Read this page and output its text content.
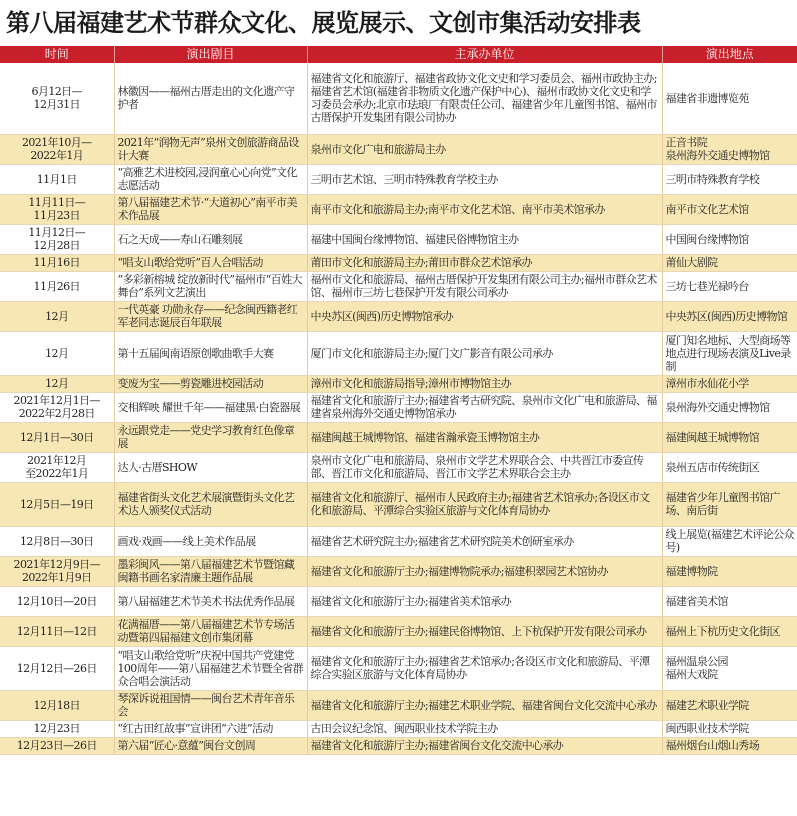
第八届福建艺术节群众文化、展览展示、文创市集活动安排表
时间	演出剧目	主承办单位	演出地点
6月12日—
12月31日	林徽因——福州古厝走出的文化遗产守护者	福建省文化和旅游厅、福建省政协文化文史和学习委员会、福州市政协主办;福建省艺术馆(福建省非物质文化遗产保护中心)、福州市政协文化文史和学习委员会承办;北京市珐琅厂有限责任公司、福建省少年儿童图书馆、福州市古厝保护开发集团有限公司协办	福建省非遗博览苑
2021年10月—
2022年1月	2021年“润物无声”泉州文创旅游商品设计大赛	泉州市文化广电和旅游局主办	正音书院
泉州海外交通史博物馆
11月1日	“高雅艺术进校园,浸润童心心向党”文化志愿活动	三明市艺术馆、三明市特殊教育学校主办	三明市特殊教育学校
11月11日—
11月23日	第八届福建艺术节·“大道初心”南平市美术作品展	南平市文化和旅游局主办;南平市文化艺术馆、南平市美术馆承办	南平市文化艺术馆
11月12日—
12月28日	石之天成——寿山石雕刻展	福建中国闽台缘博物馆、福建民俗博物馆主办	中国闽台缘博物馆
11月16日	“唱支山歌给党听”百人合唱活动	莆田市文化和旅游局主办;莆田市群众艺术馆承办	莆仙大剧院
11月26日	“多彩新榕城 绽放新时代”福州市“百姓大舞台”系列文艺演出	福州市文化和旅游局、福州古厝保护开发集团有限公司主办;福州市群众艺术馆、福州市三坊七巷保护开发有限公司承办	三坊七巷光禄吟台
12月	一代英豪 功勋永存——纪念闽西籍老红军老同志诞辰百年联展	中央苏区(闽西)历史博物馆承办	中央苏区(闽西)历史博物馆
12月	第十五届闽南语原创歌曲歌手大赛	厦门市文化和旅游局主办;厦门文广影音有限公司承办	厦门知名地标、大型商场等地点进行现场表演及Live录制
12月	变废为宝——剪瓷雕进校园活动	漳州市文化和旅游局指导;漳州市博物馆主办	漳州市水仙花小学
2021年12月1日—
2022年2月28日	交相辉映 耀世千年——福建黑·白瓷器展	福建省文化和旅游厅主办;福建省考古研究院、泉州市文化广电和旅游局、福建省泉州海外交通史博物馆承办	泉州海外交通史博物馆
12月1日—30日	永远跟党走——党史学习教育红色像章展	福建闽越王城博物馆、福建省瀚承瓷玉博物馆主办	福建闽越王城博物馆
2021年12月
至2022年1月	达人·古厝SHOW	泉州市文化广电和旅游局、泉州市文学艺术界联合会、中共晋江市委宣传部、晋江市文化和旅游局、晋江市文学艺术界联合会主办	泉州五店市传统街区
12月5日—19日	福建省街头文化艺术展演暨街头文化艺术达人颁奖仪式活动	福建省文化和旅游厅、福州市人民政府主办;福建省艺术馆承办;各设区市文化和旅游局、平潭综合实验区旅游与文化体育局协办	福建省少年儿童图书馆广场、南后街
12月8日—30日	画戏·戏画——线上美术作品展	福建省艺术研究院主办;福建省艺术研究院美术创研室承办	线上展览(福建艺术评论公众号)
2021年12月9日—
2022年1月9日	墨彩闽风——第八届福建艺术节暨馆藏闽籍书画名家清廉主题作品展	福建省文化和旅游厅主办;福建博物院承办;福建积翠园艺术馆协办	福建博物院
12月10日—20日	第八届福建艺术节美术书法优秀作品展	福建省文化和旅游厅主办;福建省美术馆承办	福建省美术馆
12月11日—12日	花满福厝——第八届福建艺术节专场活动暨第四届福建文创市集闭幕	福建省文化和旅游厅主办;福建民俗博物馆、上下杭保护开发有限公司承办	福州上下杭历史文化街区
12月12日—26日	“唱支山歌给党听”庆祝中国共产党建党100周年——第八届福建艺术节暨全省群众合唱会演活动	福建省文化和旅游厅主办;福建省艺术馆承办;各设区市文化和旅游局、平潭综合实验区旅游与文化体育局协办	福州温泉公园
福州大戏院
12月18日	琴深诉说祖国情——闽台艺术青年音乐会	福建省文化和旅游厅主办;福建艺术职业学院、福建省闽台文化交流中心承办	福建艺术职业学院
12月23日	“红古田红故事”宣讲团“六进”活动	古田会议纪念馆、闽西职业技术学院主办	闽西职业技术学院
12月23日—26日	第六届“匠心·意蕴”闽台文创周	福建省文化和旅游厅主办;福建省闽台文化交流中心承办	福州烟台山烟山秀场
